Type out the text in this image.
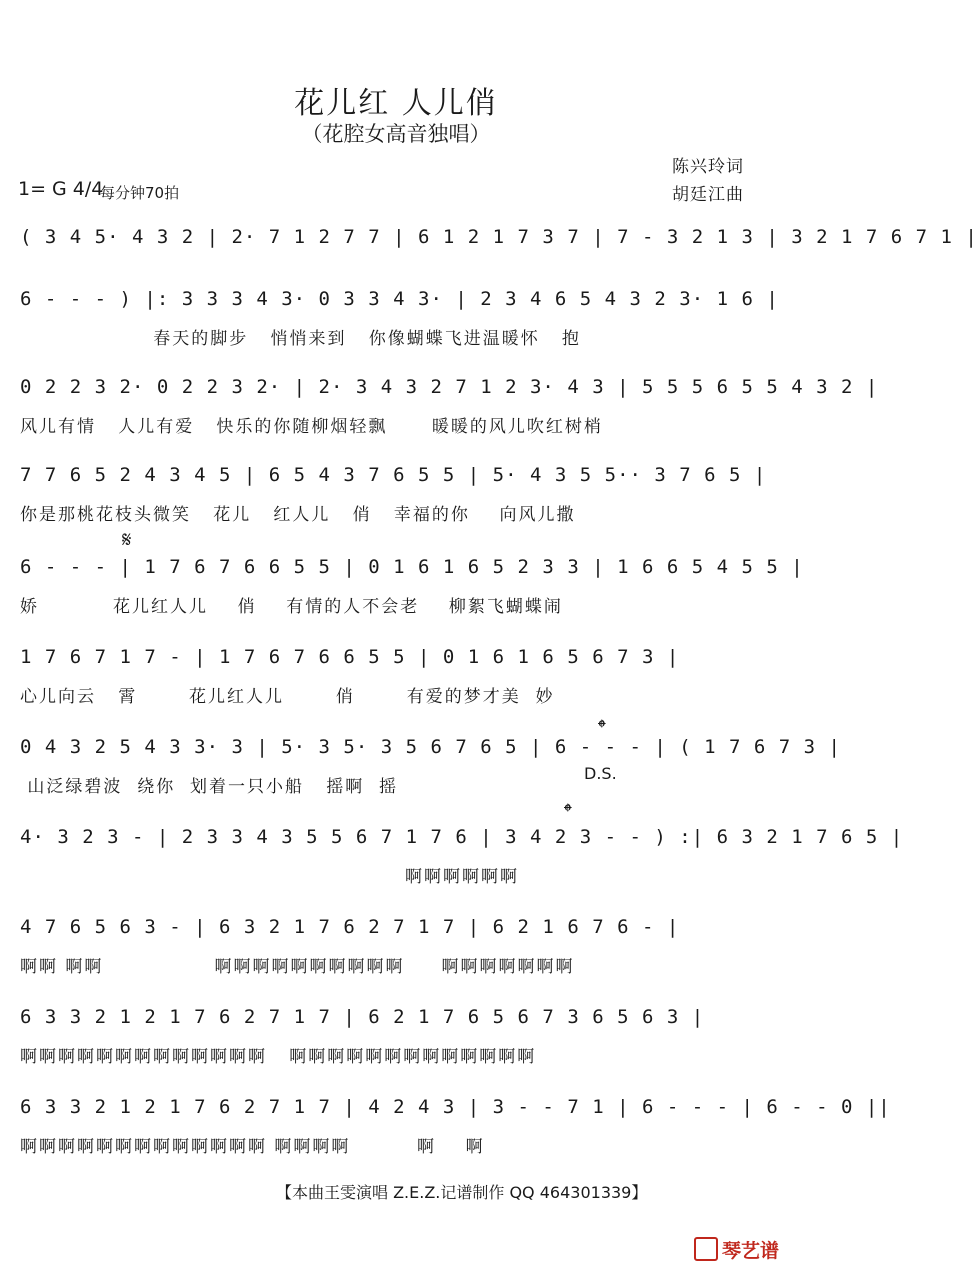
花儿红 人儿俏
（花腔女高音独唱）
1= G 4/4
每分钟70拍
陈兴玲词
胡廷江曲
( 3 4 5· 4 3 2 | 2· 7 1 2 7 7 | 6 1 2 1 7 3 7 | 7 - 3 2 1 3 | 3 2 1 7 6 7 1 |
6 - - - ) |: 3 3 3 4 3· 0 3 3 4 3· | 2 3 4 6 5 4 3 2 3· 1 6 |
春天的脚步   悄悄来到   你像蝴蝶飞进温暖怀   抱
0 2 2 3 2· 0 2 2 3 2· | 2· 3 4 3 2 7 1 2 3· 4 3 | 5 5 5 6 5 5 4 3 2 |
风儿有情   人儿有爱   快乐的你随柳烟轻飘      暖暖的风儿吹红树梢
7 7 6 5 2 4 3 4 5 | 6 5 4 3 7 6 5 5 | 5· 4 3 5 5·· 3 7 6 5 |
你是那桃花枝头微笑   花儿   红人儿   俏   幸福的你    向风儿撒
6 - - - | 1 7 6 7 6 6 5 5 | 0 1 6 1 6 5 2 3 3 | 1 6 6 5 4 5 5 |
娇          花儿红人儿    俏    有情的人不会老    柳絮飞蝴蝶闹
1 7 6 7 1 7 - | 1 7 6 7 6 6 5 5 | 0 1 6 1 6 5 6 7 3 |
心儿向云   霄       花儿红人儿       俏       有爱的梦才美  妙
0 4 3 2 5 4 3 3· 3 | 5· 3 5· 3 5 6 7 6 5 | 6 - - - | ( 1 7 6 7 3 |
山泛绿碧波  绕你  划着一只小船   摇啊  摇
4· 3 2 3 - | 2 3 3 4 3 5 5 6 7 1 7 6 | 3 4 2 3 - - ) :| 6 3 2 1 7 6 5 |
啊啊啊啊啊啊
4 7 6 5 6 3 - | 6 3 2 1 7 6 2 7 1 7 | 6 2 1 6 7 6 - |
啊啊 啊啊               啊啊啊啊啊啊啊啊啊啊     啊啊啊啊啊啊啊
6 3 3 2 1 2 1 7 6 2 7 1 7 | 6 2 1 7 6 5 6 7 3 6 5 6 3 |
啊啊啊啊啊啊啊啊啊啊啊啊啊   啊啊啊啊啊啊啊啊啊啊啊啊啊
6 3 3 2 1 2 1 7 6 2 7 1 7 | 4 2 4 3 | 3 - - 7 1 | 6 - - - | 6 - - 0 ||
啊啊啊啊啊啊啊啊啊啊啊啊啊 啊啊啊啊         啊    啊
𝄋
𝄌
D.S.
𝄌
【本曲王雯演唱 Z.E.Z.记谱制作 QQ 464301339】
琴艺谱
